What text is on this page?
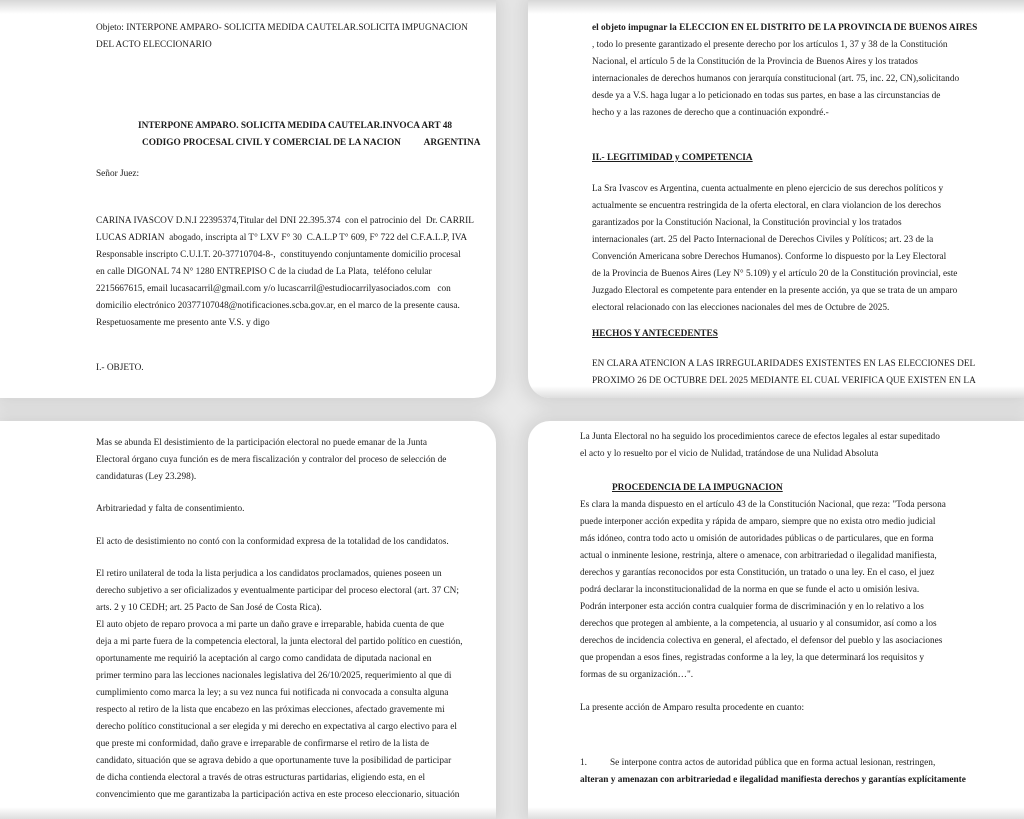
Objeto: INTERPONE AMPARO- SOLICITA MEDIDA CAUTELAR.SOLICITA IMPUGNACION

DEL ACTO ELECCIONARIO

INTERPONE AMPARO. SOLICITA MEDIDA CAUTELAR.INVOCA ART 48

CODIGO PROCESAL CIVIL Y COMERCIAL DE LA NACION          ARGENTINA

Señor Juez:

CARINA IVASCOV D.N.I 22395374,Titular del DNI 22.395.374  con el patrocinio del  Dr. CARRIL

LUCAS ADRIAN  abogado, inscripta al T° LXV F° 30  C.A.L.P T° 609, F° 722 del C.F.A.L.P, IVA

Responsable inscripto C.U.I.T. 20-37710704-8-,  constituyendo conjuntamente domicilio procesal

en calle DIGONAL 74 N° 1280 ENTREPISO C de la ciudad de La Plata,  teléfono celular

2215667615, email lucasacarril@gmail.com y/o lucascarril@estudiocarrilyasociados.com   con

domicilio electrónico 20377107048@notificaciones.scba.gov.ar, en el marco de la presente causa.

Respetuosamente me presento ante V.S. y digo

I.- OBJETO.

el objeto impugnar la ELECCION EN EL DISTRITO DE LA PROVINCIA DE BUENOS AIRES

, todo lo presente garantizado el presente derecho por los artículos 1, 37 y 38 de la Constitución

Nacional, el artículo 5 de la Constitución de la Provincia de Buenos Aires y los tratados

internacionales de derechos humanos con jerarquía constitucional (art. 75, inc. 22, CN),solicitando

desde ya a V.S. haga lugar a lo peticionado en todas sus partes, en base a las circunstancias de

hecho y a las razones de derecho que a continuación expondré.-

II.- LEGITIMIDAD y COMPETENCIA

La Sra Ivascov es Argentina, cuenta actualmente en pleno ejercicio de sus derechos políticos y

actualmente se encuentra restringida de la oferta electoral, en clara violancion de los derechos

garantizados por la Constitución Nacional, la Constitución provincial y los tratados

internacionales (art. 25 del Pacto Internacional de Derechos Civiles y Políticos; art. 23 de la

Convención Americana sobre Derechos Humanos). Conforme lo dispuesto por la Ley Electoral

de la Provincia de Buenos Aires (Ley N° 5.109) y el artículo 20 de la Constitución provincial, este

Juzgado Electoral es competente para entender en la presente acción, ya que se trata de un amparo

electoral relacionado con las elecciones nacionales del mes de Octubre de 2025.

HECHOS Y ANTECEDENTES

EN CLARA ATENCION A LAS IRREGULARIDADES EXISTENTES EN LAS ELECCIONES DEL

PROXIMO 26 DE OCTUBRE DEL 2025 MEDIANTE EL CUAL VERIFICA QUE EXISTEN EN LA

Mas se abunda El desistimiento de la participación electoral no puede emanar de la Junta

Electoral órgano cuya función es de mera fiscalización y contralor del proceso de selección de

candidaturas (Ley 23.298).

Arbitrariedad y falta de consentimiento.

El acto de desistimiento no contó con la conformidad expresa de la totalidad de los candidatos.

El retiro unilateral de toda la lista perjudica a los candidatos proclamados, quienes poseen un

derecho subjetivo a ser oficializados y eventualmente participar del proceso electoral (art. 37 CN;

arts. 2 y 10 CEDH; art. 25 Pacto de San José de Costa Rica).

El auto objeto de reparo provoca a mi parte un daño grave e irreparable, habida cuenta de que

deja a mi parte fuera de la competencia electoral, la junta electoral del partido político en cuestión,

oportunamente me requirió la aceptación al cargo como candidata de diputada nacional en

primer termino para las lecciones nacionales legislativa del 26/10/2025, requerimiento al que di

cumplimiento como marca la ley; a su vez nunca fui notificada ni convocada a consulta alguna

respecto al retiro de la lista que encabezo en las próximas elecciones, afectado gravemente mi

derecho político constitucional a ser elegida y mi derecho en expectativa al cargo electivo para el

que preste mi conformidad, daño grave e irreparable de confirmarse el retiro de la lista de

candidato, situación que se agrava debido a que oportunamente tuve la posibilidad de participar

de dicha contienda electoral a través de otras estructuras partidarias, eligiendo esta, en el

convencimiento que me garantizaba la participación activa en este proceso eleccionario, situación

La Junta Electoral no ha seguido los procedimientos carece de efectos legales al estar supeditado

el acto y lo resuelto por el vicio de Nulidad, tratándose de una Nulidad Absoluta

PROCEDENCIA DE LA IMPUGNACION

Es clara la manda dispuesto en el artículo 43 de la Constitución Nacional, que reza: "Toda persona

puede interponer acción expedita y rápida de amparo, siempre que no exista otro medio judicial

más idóneo, contra todo acto u omisión de autoridades públicas o de particulares, que en forma

actual o inminente lesione, restrinja, altere o amenace, con arbitrariedad o ilegalidad manifiesta,

derechos y garantías reconocidos por esta Constitución, un tratado o una ley. En el caso, el juez

podrá declarar la inconstitucionalidad de la norma en que se funde el acto u omisión lesiva.

Podrán interponer esta acción contra cualquier forma de discriminación y en lo relativo a los

derechos que protegen al ambiente, a la competencia, al usuario y al consumidor, así como a los

derechos de incidencia colectiva en general, el afectado, el defensor del pueblo y las asociaciones

que propendan a esos fines, registradas conforme a la ley, la que determinará los requisitos y

formas de su organización…".

La presente acción de Amparo resulta procedente en cuanto:

1. Se interpone contra actos de autoridad pública que en forma actual lesionan, restringen,

alteran y amenazan con arbitrariedad e ilegalidad manifiesta derechos y garantías explícitamente
